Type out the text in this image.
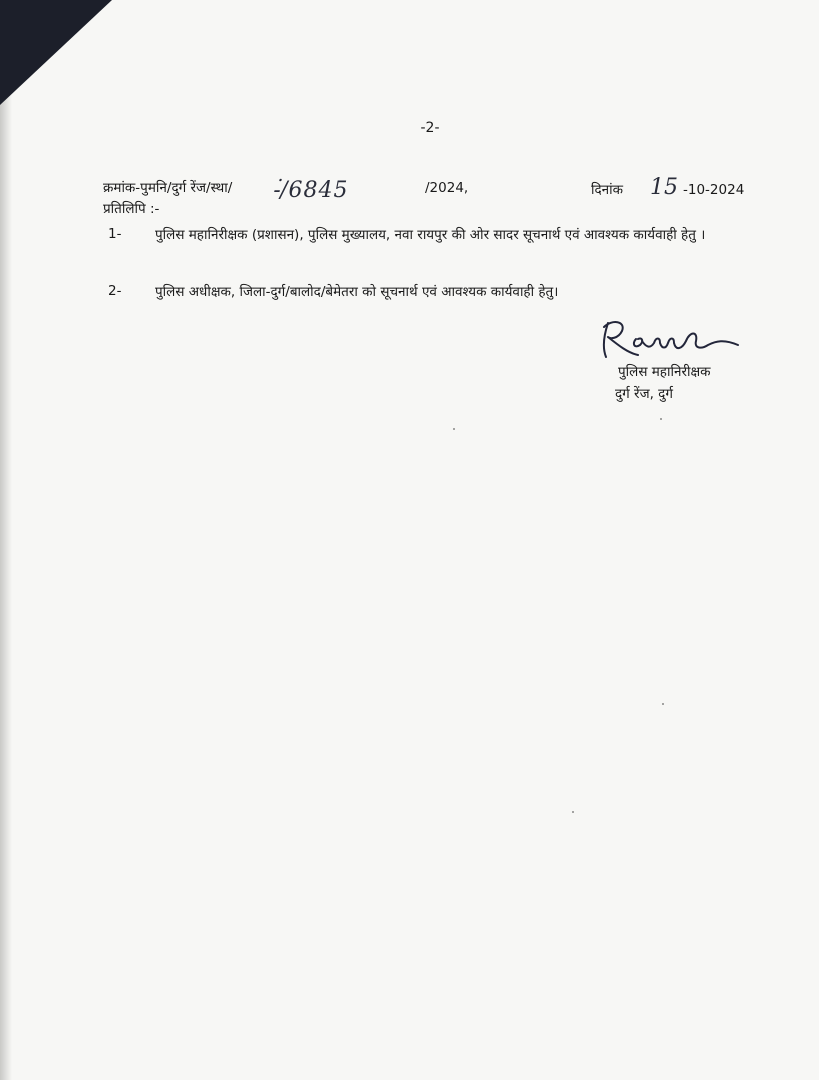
-2-
क्रमांक-पुमनि/दुर्ग रेंज/स्था/ -ं/6845	/2024,	दिनांक 15 -10-2024
प्रतिलिपि :-
1- पुलिस महानिरीक्षक (प्रशासन), पुलिस मुख्यालय, नवा रायपुर की ओर सादर सूचनार्थ एवं आवश्यक कार्यवाही हेतु ।
2- पुलिस अधीक्षक, जिला-दुर्ग/बालोद/बेमेतरा को सूचनार्थ एवं आवश्यक कार्यवाही हेतु।
पुलिस महानिरीक्षक
दुर्ग रेंज, दुर्ग
